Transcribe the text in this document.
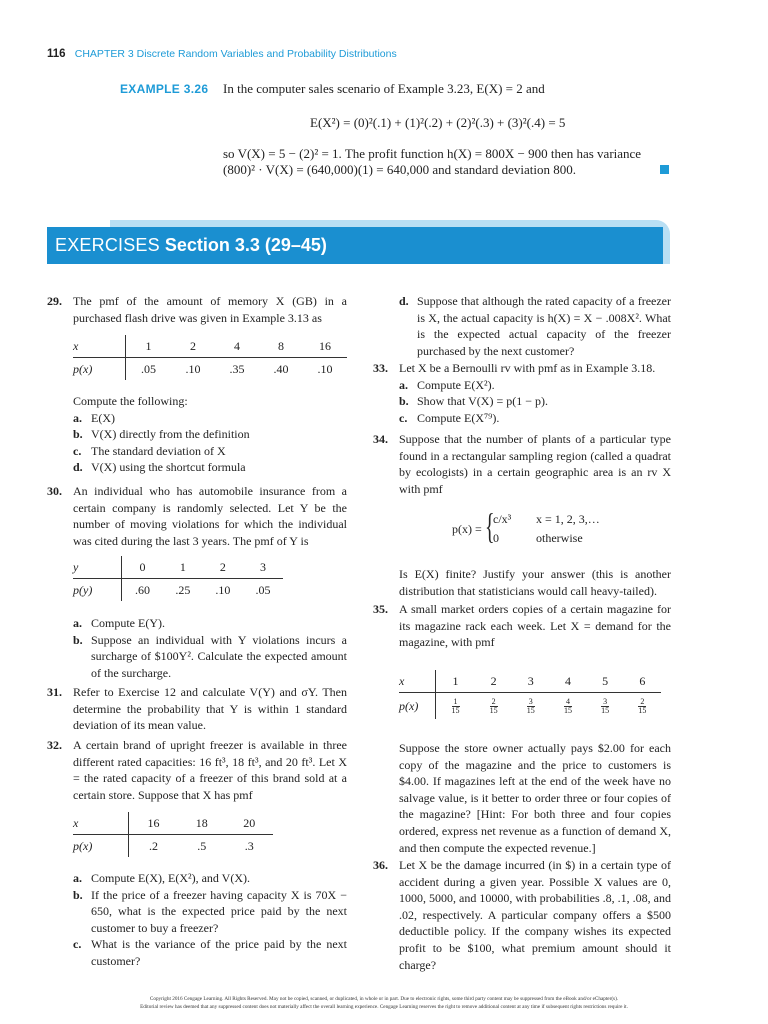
116 CHAPTER 3 Discrete Random Variables and Probability Distributions
EXAMPLE 3.26 In the computer sales scenario of Example 3.23, E(X) = 2 and
E(X²) = (0)²(.1) + (1)²(.2) + (2)²(.3) + (3)²(.4) = 5
so V(X) = 5 − (2)² = 1. The profit function h(X) = 800X − 900 then has variance
(800)² · V(X) = (640,000)(1) = 640,000 and standard deviation 800.
EXERCISES Section 3.3 (29–45)
29. The pmf of the amount of memory X (GB) in a purchased flash drive was given in Example 3.13 as
x	1	2	4	8	16
p(x)	.05	.10	.35	.40	.10
Compute the following:
a. E(X)
b. V(X) directly from the definition
c. The standard deviation of X
d. V(X) using the shortcut formula
30. An individual who has automobile insurance from a certain company is randomly selected. Let Y be the number of moving violations for which the individual was cited during the last 3 years. The pmf of Y is
y	0	1	2	3
p(y)	.60	.25	.10	.05
a. Compute E(Y).
b. Suppose an individual with Y violations incurs a surcharge of $100Y². Calculate the expected amount of the surcharge.
31. Refer to Exercise 12 and calculate V(Y) and σY. Then determine the probability that Y is within 1 standard deviation of its mean value.
32. A certain brand of upright freezer is available in three different rated capacities: 16 ft³, 18 ft³, and 20 ft³. Let X = the rated capacity of a freezer of this brand sold at a certain store. Suppose that X has pmf
x	16	18	20
p(x)	.2	.5	.3
a. Compute E(X), E(X²), and V(X).
b. If the price of a freezer having capacity X is 70X − 650, what is the expected price paid by the next customer to buy a freezer?
c. What is the variance of the price paid by the next customer?
d. Suppose that although the rated capacity of a freezer is X, the actual capacity is h(X) = X − .008X². What is the expected actual capacity of the freezer purchased by the next customer?
33. Let X be a Bernoulli rv with pmf as in Example 3.18.
a. Compute E(X²).
b. Show that V(X) = p(1 − p).
c. Compute E(X⁷⁹).
34. Suppose that the number of plants of a particular type found in a rectangular sampling region (called a quadrat by ecologists) in a certain geographic area is an rv X with pmf
p(x) = {
c/x³ x = 1, 2, 3,…
0	otherwise
Is E(X) finite? Justify your answer (this is another distribution that statisticians would call heavy-tailed).
35. A small market orders copies of a certain magazine for its magazine rack each week. Let X = demand for the magazine, with pmf
x	1	2	3	4	5	6
p(x)	$\frac{1}{15}$	$\frac{2}{15}$	$\frac{3}{15}$	$\frac{4}{15}$	$\frac{3}{15}$	$\frac{2}{15}$
Suppose the store owner actually pays $2.00 for each copy of the magazine and the price to customers is $4.00. If magazines left at the end of the week have no salvage value, is it better to order three or four copies of the magazine? [Hint: For both three and four copies ordered, express net revenue as a function of demand X, and then compute the expected revenue.]
36. Let X be the damage incurred (in $) in a certain type of accident during a given year. Possible X values are 0, 1000, 5000, and 10000, with probabilities .8, .1, .08, and .02, respectively. A particular company offers a $500 deductible policy. If the company wishes its expected profit to be $100, what premium amount should it charge?
Copyright 2016 Cengage Learning. All Rights Reserved. May not be copied, scanned, or duplicated, in whole or in part. Due to electronic rights, some third party content may be suppressed from the eBook and/or eChapter(s).
Editorial review has deemed that any suppressed content does not materially affect the overall learning experience. Cengage Learning reserves the right to remove additional content at any time if subsequent rights restrictions require it.
